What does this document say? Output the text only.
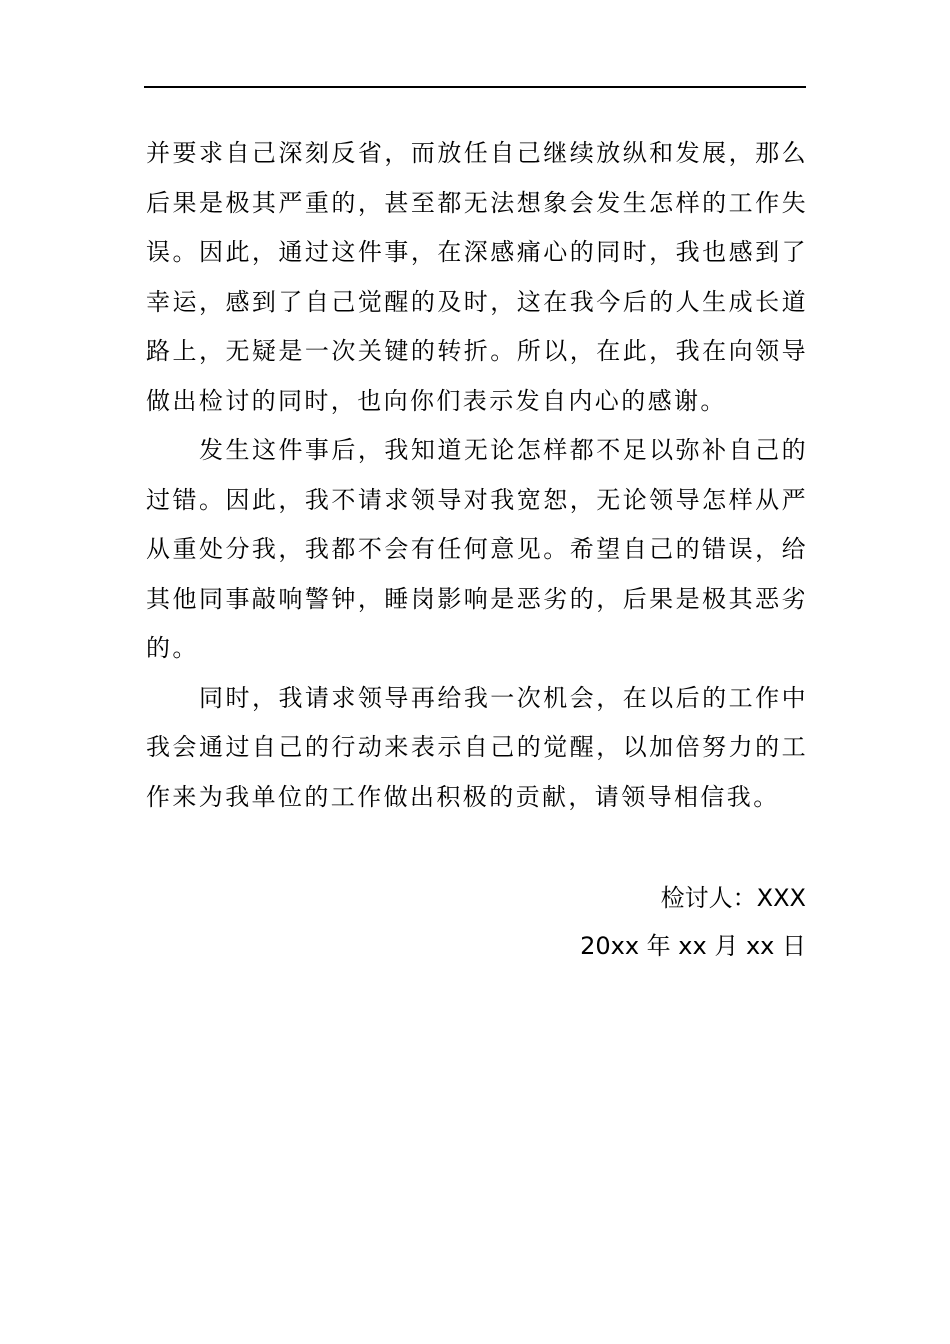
并要求自己深刻反省，而放任自己继续放纵和发展，那么后果是极其严重的，甚至都无法想象会发生怎样的工作失误。因此，通过这件事，在深感痛心的同时，我也感到了幸运，感到了自己觉醒的及时，这在我今后的人生成长道路上，无疑是一次关键的转折。所以，在此，我在向领导做出检讨的同时，也向你们表示发自内心的感谢。

发生这件事后，我知道无论怎样都不足以弥补自己的过错。因此，我不请求领导对我宽恕，无论领导怎样从严从重处分我，我都不会有任何意见。希望自己的错误，给其他同事敲响警钟，睡岗影响是恶劣的，后果是极其恶劣的。

同时，我请求领导再给我一次机会，在以后的工作中我会通过自己的行动来表示自己的觉醒，以加倍努力的工作来为我单位的工作做出积极的贡献，请领导相信我。

检讨人：XXX
20xx 年 xx 月 xx 日
